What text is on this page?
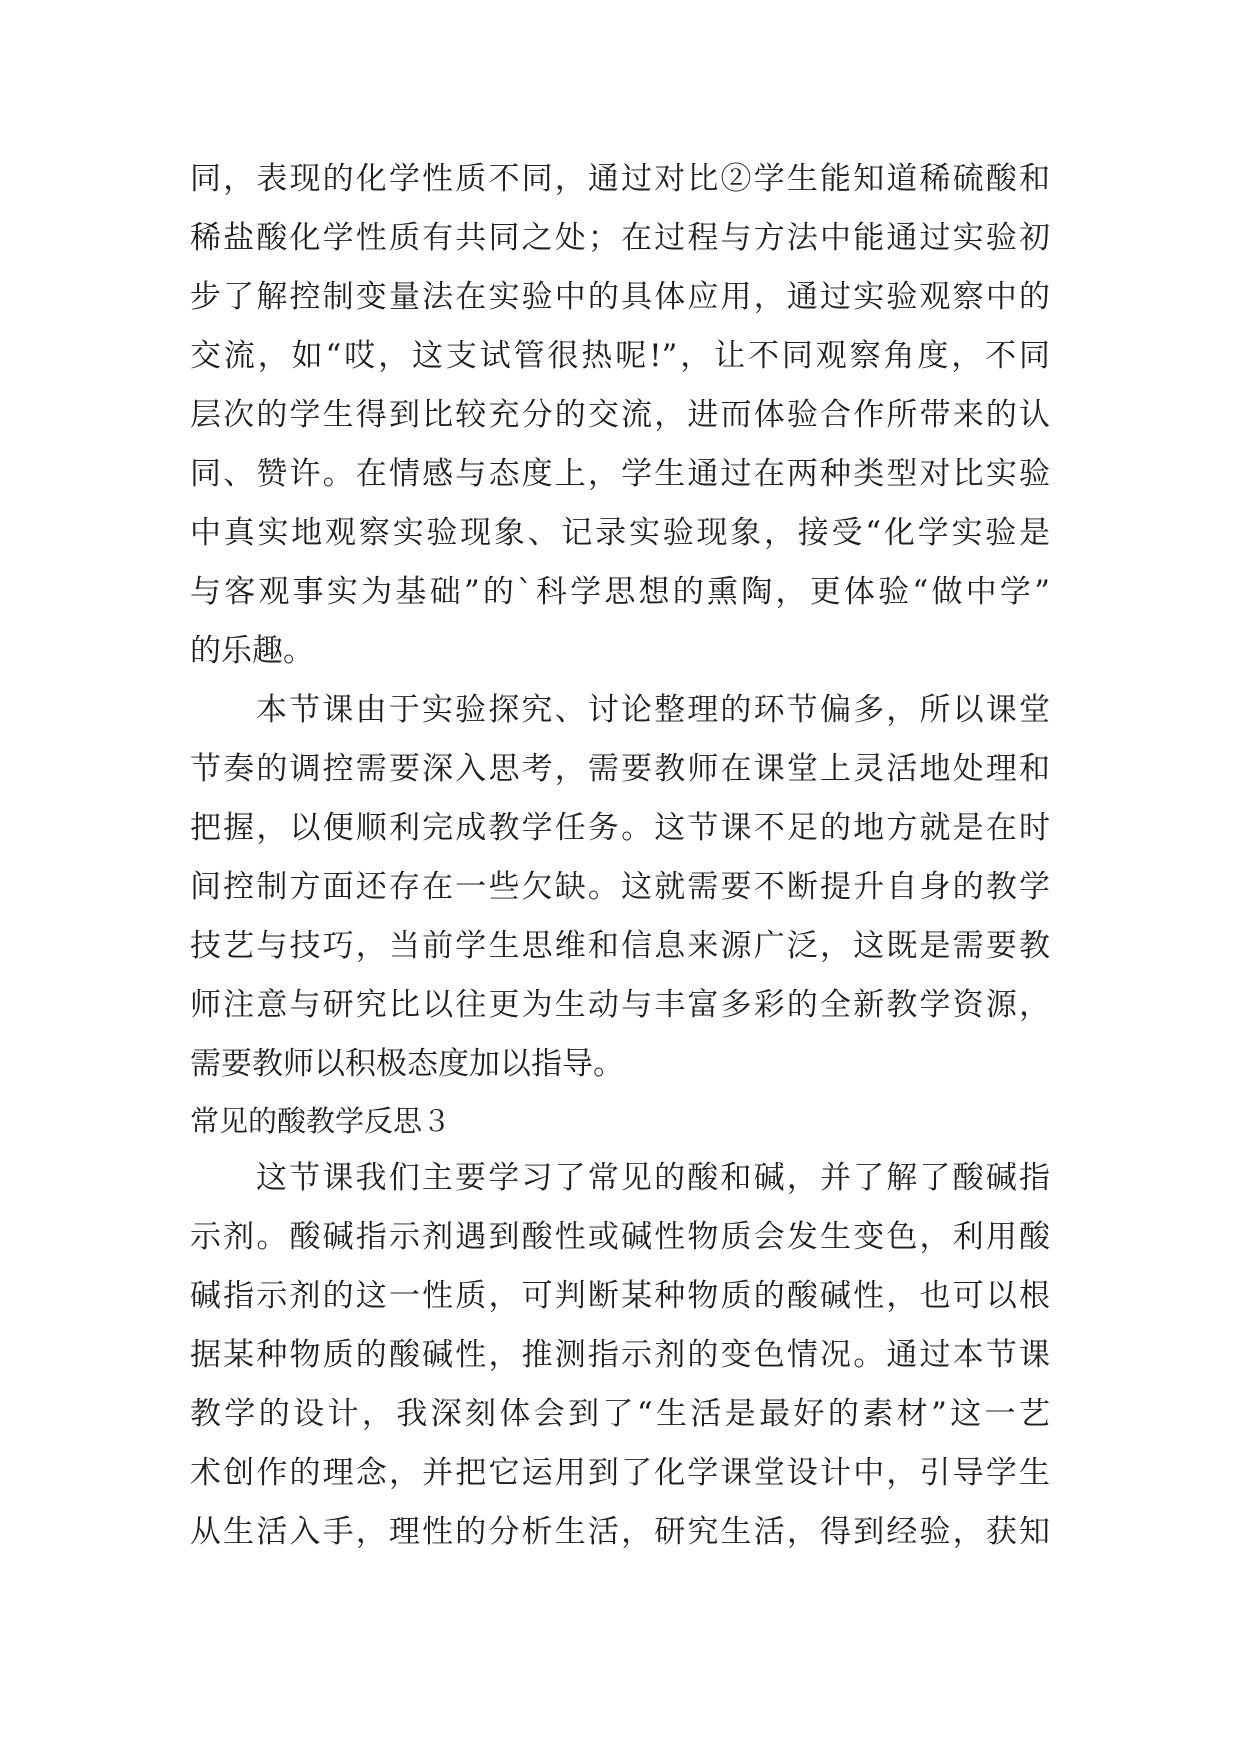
同，表现的化学性质不同，通过对比②学生能知道稀硫酸和
稀盐酸化学性质有共同之处；在过程与方法中能通过实验初
步了解控制变量法在实验中的具体应用，通过实验观察中的
交流，如“哎，这支试管很热呢!”，让不同观察角度，不同
层次的学生得到比较充分的交流，进而体验合作所带来的认
同、赞许。在情感与态度上，学生通过在两种类型对比实验
中真实地观察实验现象、记录实验现象，接受“化学实验是
与客观事实为基础”的`科学思想的熏陶，更体验“做中学”
的乐趣。
本节课由于实验探究、讨论整理的环节偏多，所以课堂
节奏的调控需要深入思考，需要教师在课堂上灵活地处理和
把握，以便顺利完成教学任务。这节课不足的地方就是在时
间控制方面还存在一些欠缺。这就需要不断提升自身的教学
技艺与技巧，当前学生思维和信息来源广泛，这既是需要教
师注意与研究比以往更为生动与丰富多彩的全新教学资源，
需要教师以积极态度加以指导。
常见的酸教学反思３
这节课我们主要学习了常见的酸和碱，并了解了酸碱指
示剂。酸碱指示剂遇到酸性或碱性物质会发生变色，利用酸
碱指示剂的这一性质，可判断某种物质的酸碱性，也可以根
据某种物质的酸碱性，推测指示剂的变色情况。通过本节课
教学的设计，我深刻体会到了“生活是最好的素材”这一艺
术创作的理念，并把它运用到了化学课堂设计中，引导学生
从生活入手，理性的分析生活，研究生活，得到经验，获知
